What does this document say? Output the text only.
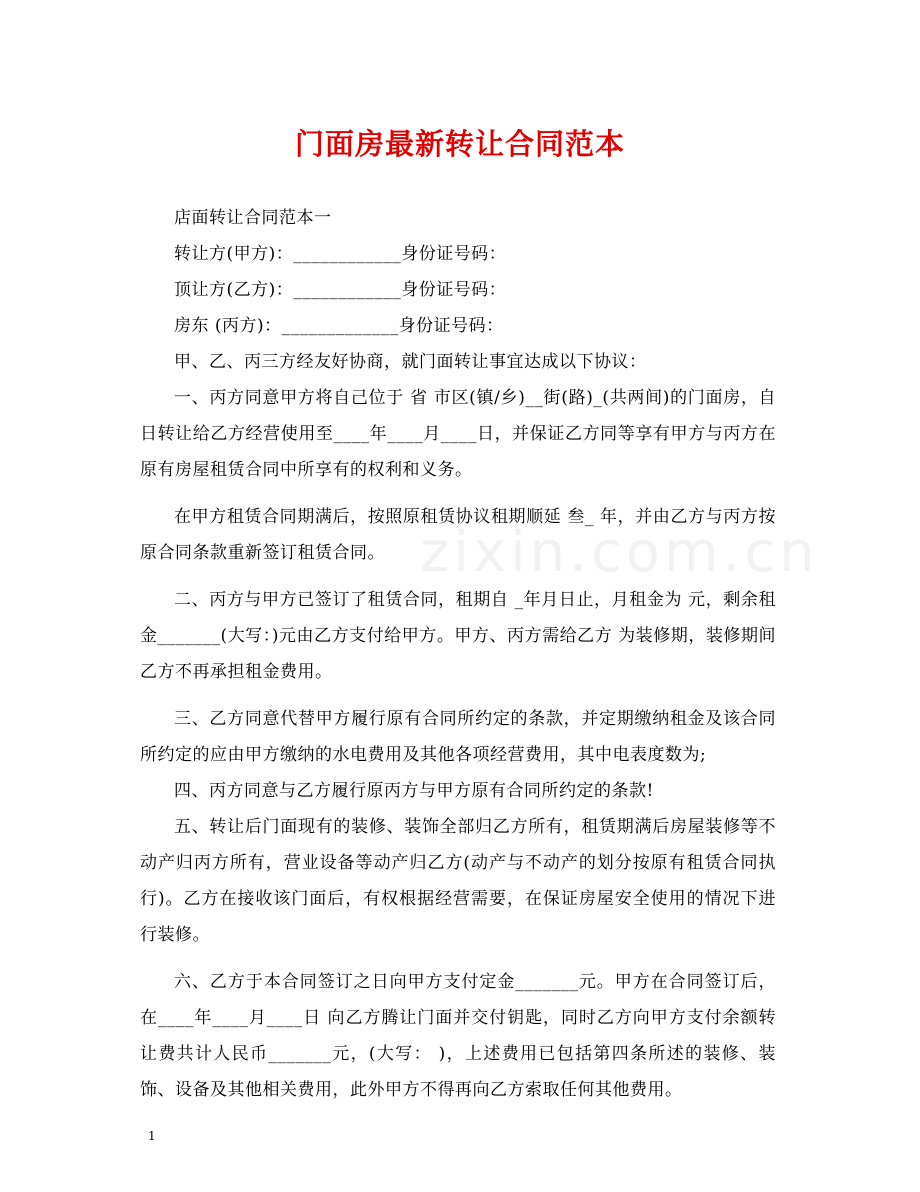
门面房最新转让合同范本
zixin.com.cn

店面转让合同范本一

转让方(甲方)：____________身份证号码：

顶让方(乙方)：____________身份证号码：

房东 (丙方)：_____________身份证号码：

甲、乙、丙三方经友好协商，就门面转让事宜达成以下协议：

一、丙方同意甲方将自己位于 省 市区(镇/乡)__街(路)_(共两间)的门面房，自 日转让给乙方经营使用至____年____月____日，并保证乙方同等享有甲方与丙方在原有房屋租赁合同中所享有的权利和义务。

在甲方租赁合同期满后，按照原租赁协议租期顺延 叁_ 年，并由乙方与丙方按原合同条款重新签订租赁合同。

二、丙方与甲方已签订了租赁合同，租期自 _年月日止，月租金为 元，剩余租金_______(大写：)元由乙方支付给甲方。甲方、丙方需给乙方 为装修期，装修期间乙方不再承担租金费用。

三、乙方同意代替甲方履行原有合同所约定的条款，并定期缴纳租金及该合同所约定的应由甲方缴纳的水电费用及其他各项经营费用，其中电表度数为;

四、丙方同意与乙方履行原丙方与甲方原有合同所约定的条款!

五、转让后门面现有的装修、装饰全部归乙方所有，租赁期满后房屋装修等不动产归丙方所有，营业设备等动产归乙方(动产与不动产的划分按原有租赁合同执行)。乙方在接收该门面后，有权根据经营需要，在保证房屋安全使用的情况下进行装修。

六、乙方于本合同签订之日向甲方支付定金_______元。甲方在合同签订后，在____年____月____日 向乙方腾让门面并交付钥匙，同时乙方向甲方支付余额转让费共计人民币_______元，(大写： )，上述费用已包括第四条所述的装修、装饰、设备及其他相关费用，此外甲方不得再向乙方索取任何其他费用。

1
